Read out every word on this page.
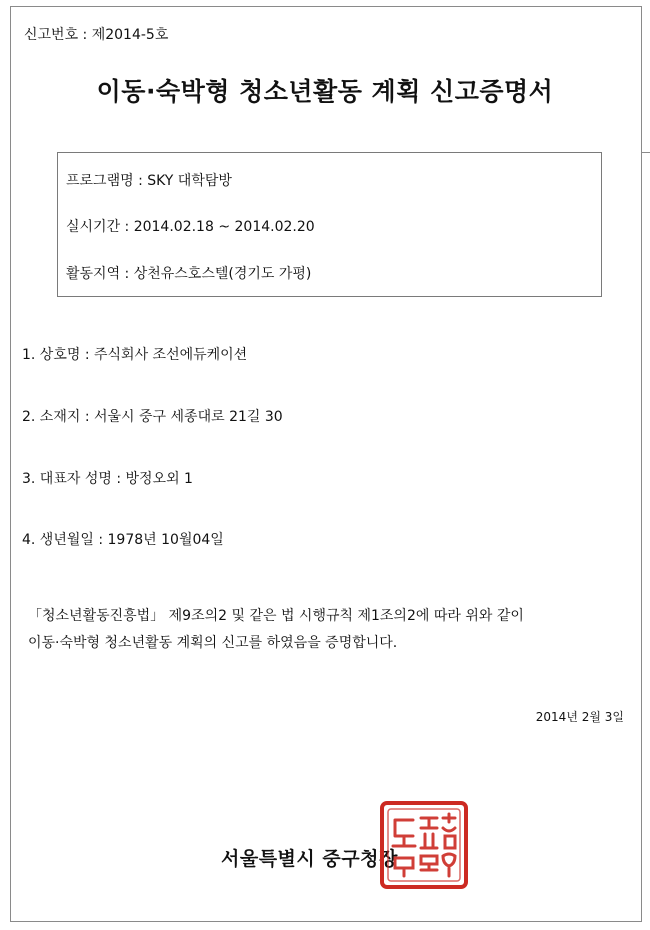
신고번호 : 제2014-5호
이동·숙박형 청소년활동 계획 신고증명서
프로그램명 : SKY 대학탐방
실시기간 : 2014.02.18 ~ 2014.02.20
활동지역 : 상천유스호스텔(경기도 가평)
1. 상호명 : 주식회사 조선에듀케이션
2. 소재지 : 서울시 중구 세종대로 21길 30
3. 대표자 성명 : 방정오외 1
4. 생년월일 : 1978년 10월04일
「청소년활동진흥법」 제9조의2 및 같은 법 시행규칙 제1조의2에 따라 위와 같이
이동·숙박형 청소년활동 계획의 신고를 하였음을 증명합니다.
2014년 2월 3일
서울특별시 중구청장
